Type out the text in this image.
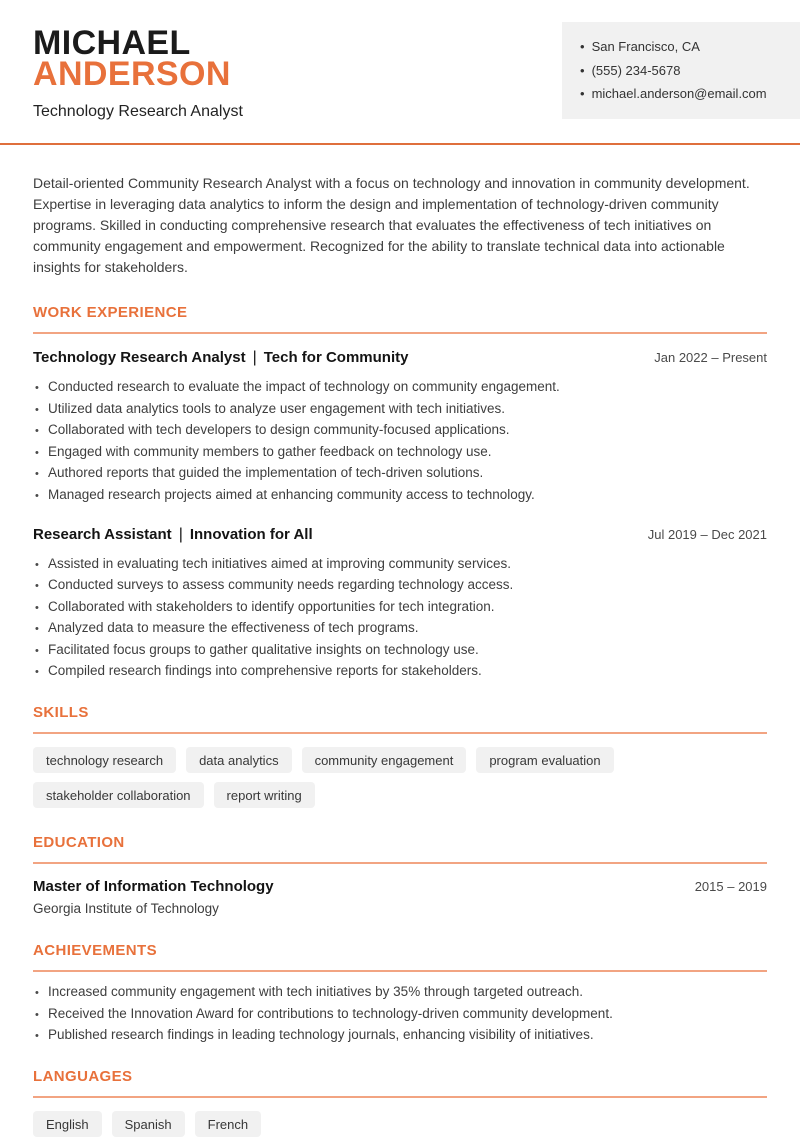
• San Francisco, CA
• (555) 234-5678
• michael.anderson@email.com
MICHAEL
ANDERSON
Technology Research Analyst

Detail-oriented Community Research Analyst with a focus on technology and innovation in community development. Expertise in leveraging data analytics to inform the design and implementation of technology-driven community programs. Skilled in conducting comprehensive research that evaluates the effectiveness of tech initiatives on community engagement and empowerment. Recognized for the ability to translate technical data into actionable insights for stakeholders.

WORK EXPERIENCE
Technology Research Analyst | Tech for Community	Jan 2022 – Present
• Conducted research to evaluate the impact of technology on community engagement.
• Utilized data analytics tools to analyze user engagement with tech initiatives.
• Collaborated with tech developers to design community-focused applications.
• Engaged with community members to gather feedback on technology use.
• Authored reports that guided the implementation of tech-driven solutions.
• Managed research projects aimed at enhancing community access to technology.
Research Assistant | Innovation for All	Jul 2019 – Dec 2021
• Assisted in evaluating tech initiatives aimed at improving community services.
• Conducted surveys to assess community needs regarding technology access.
• Collaborated with stakeholders to identify opportunities for tech integration.
• Analyzed data to measure the effectiveness of tech programs.
• Facilitated focus groups to gather qualitative insights on technology use.
• Compiled research findings into comprehensive reports for stakeholders.
SKILLS
technology research	data analytics	community engagement	program evaluation
stakeholder collaboration	report writing
EDUCATION
Master of Information Technology	2015 – 2019
Georgia Institute of Technology
ACHIEVEMENTS
• Increased community engagement with tech initiatives by 35% through targeted outreach.
• Received the Innovation Award for contributions to technology-driven community development.
• Published research findings in leading technology journals, enhancing visibility of initiatives.
LANGUAGES
English	Spanish	French
